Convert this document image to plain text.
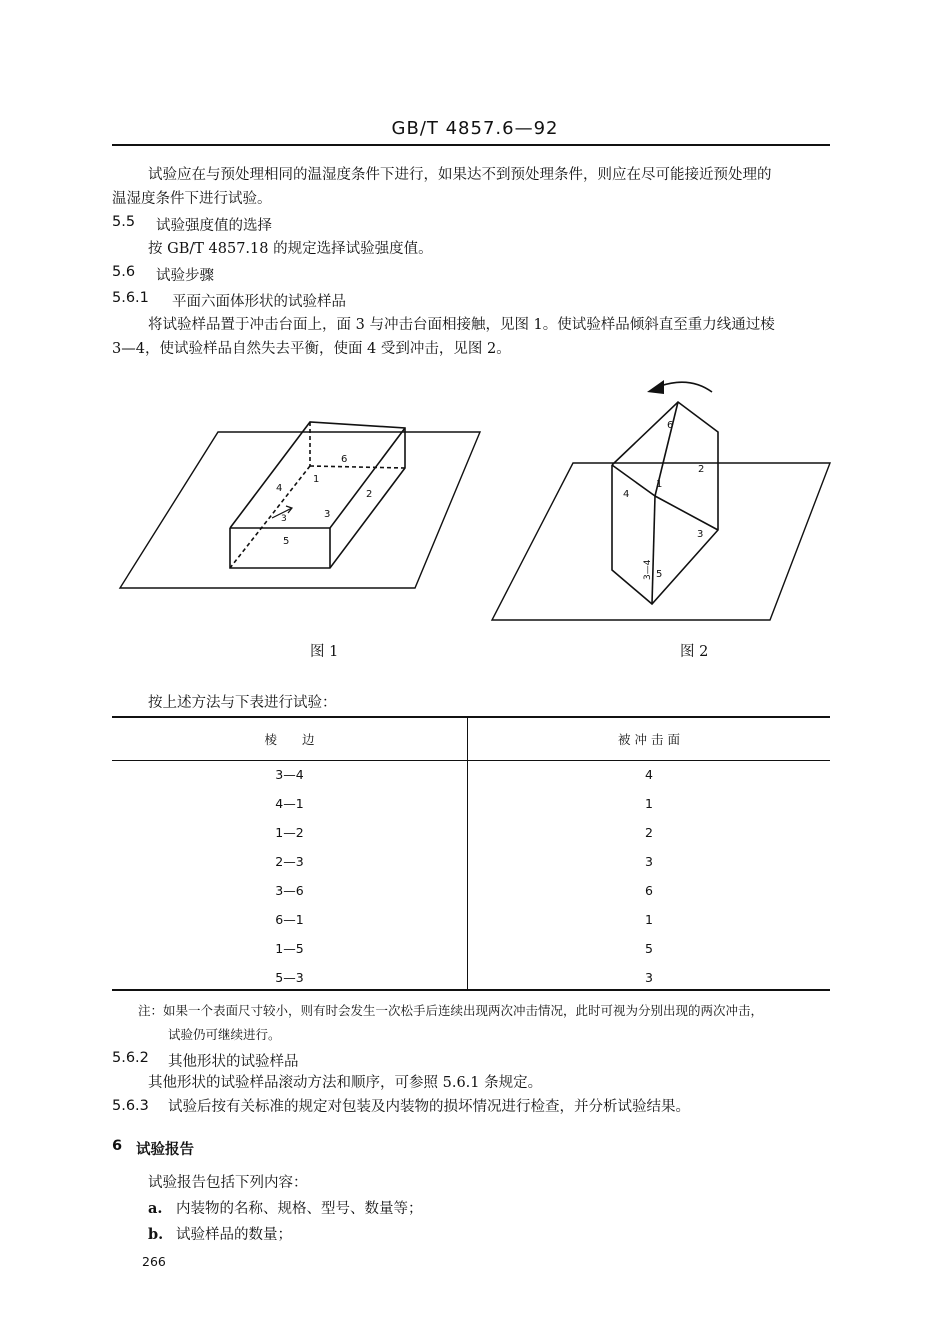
GB/T 4857.6—92
试验应在与预处理相同的温湿度条件下进行，如果达不到预处理条件，则应在尽可能接近预处理的
温湿度条件下进行试验。
5.5 试验强度值的选择
按 GB/T 4857.18 的规定选择试验强度值。
5.6 试验步骤
5.6.1 平面六面体形状的试验样品
将试验样品置于冲击台面上，面 3 与冲击台面相接触，见图 1。使试验样品倾斜直至重力线通过棱
3—4，使试验样品自然失去平衡，使面 4 受到冲击，见图 2。
6
1
4
2
3
3
5
6
2
4
1
3
5
3—4
图 1	图 2
按上述方法与下表进行试验：
棱　　边	被 冲 击 面
3—4	4
4—1	1
1—2	2
2—3	3
3—6	6
6—1	1
1—5	5
5—3	3
注：如果一个表面尺寸较小，则有时会发生一次松手后连续出现两次冲击情况，此时可视为分别出现的两次冲击，
试验仍可继续进行。
5.6.2 其他形状的试验样品
其他形状的试验样品滚动方法和顺序，可参照 5.6.1 条规定。
5.6.3 试验后按有关标准的规定对包装及内装物的损坏情况进行检查，并分析试验结果。
6 试验报告
试验报告包括下列内容：
a. 内装物的名称、规格、型号、数量等；
b. 试验样品的数量；
266
